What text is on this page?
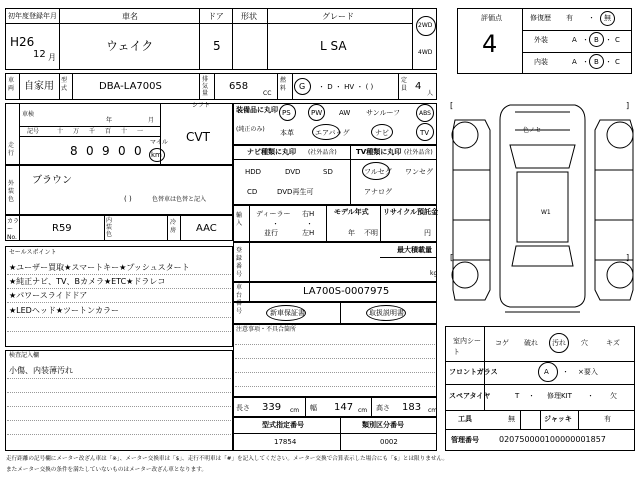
初年度登録年月
H26
12 月
車名
ウェイク
ドア
5
形状	グレード
L SA
2WD
4WD
評価点
4
修復歴 有 ・ 無
外装	A ・ B ・ C
内装	A ・ B ・ C
車両 自家用
型式	DBA-LA700S
排気量
658
CC
燃料 G ・ D ・ HV ・ ( )
定員 4
人
車検
年	月
走行
記号	十 万 千 百 十 一
8 0 9 0 0
マイル
km
シフト
CVT
外装色
ブラウン
( )	色替車は色替と記入
カラーNo.
R59
内装色
冷房 AAC
セールスポイント
★ユーザー買取★スマートキー★プッシュスタート
★純正ナビ、TV、Bカメラ★ETC★ドラレコ
★パワースライドドア
★LEDヘッド★ツートンカラー
検査記入欄
小傷、内装薄汚れ
装備品に丸印
(純正のみ)
PS	PW AW サンルーフ	ABS
本革	エアバッグ	ナビ	TV
ナビ種類に丸印 (社外品含)
HDD	DVD	SD
CD	DVD再生可
TV種類に丸印 (社外品含)
フルセグ ワンセグ
アナログ
輸入
ディーラー
・
並行
右H
・
左H
モデル年式
年 不明
リサイクル預託金
円
登録番号
最大積載量
kg
車台番号
LA700S-0007975
新車保証書	取扱説明書
注意事項・不具合箇所
長さ 339 cm 幅 147 cm 高さ 183 cm
型式指定番号
17854
類別区分番号
0002
[	]
[	]
色ノセ
W1
室内シート
コゲ 破れ 汚れ 穴	キズ
フロントガラス	A ・ ×要入
スペアタイヤ	T ・ 修理KIT ・ 欠
工具	無	ジャッキ	有
管理番号	020750000100000001857
走行距離の記号欄にメーター改ざん車は「※」、メーター交換車は「$」、走行不明車は「#」を記入してください。メーター交換で合算表示した場合にも「$」とは限りません。
またメーター交換の条件を満たしていないものはメーター改ざん車となります。
